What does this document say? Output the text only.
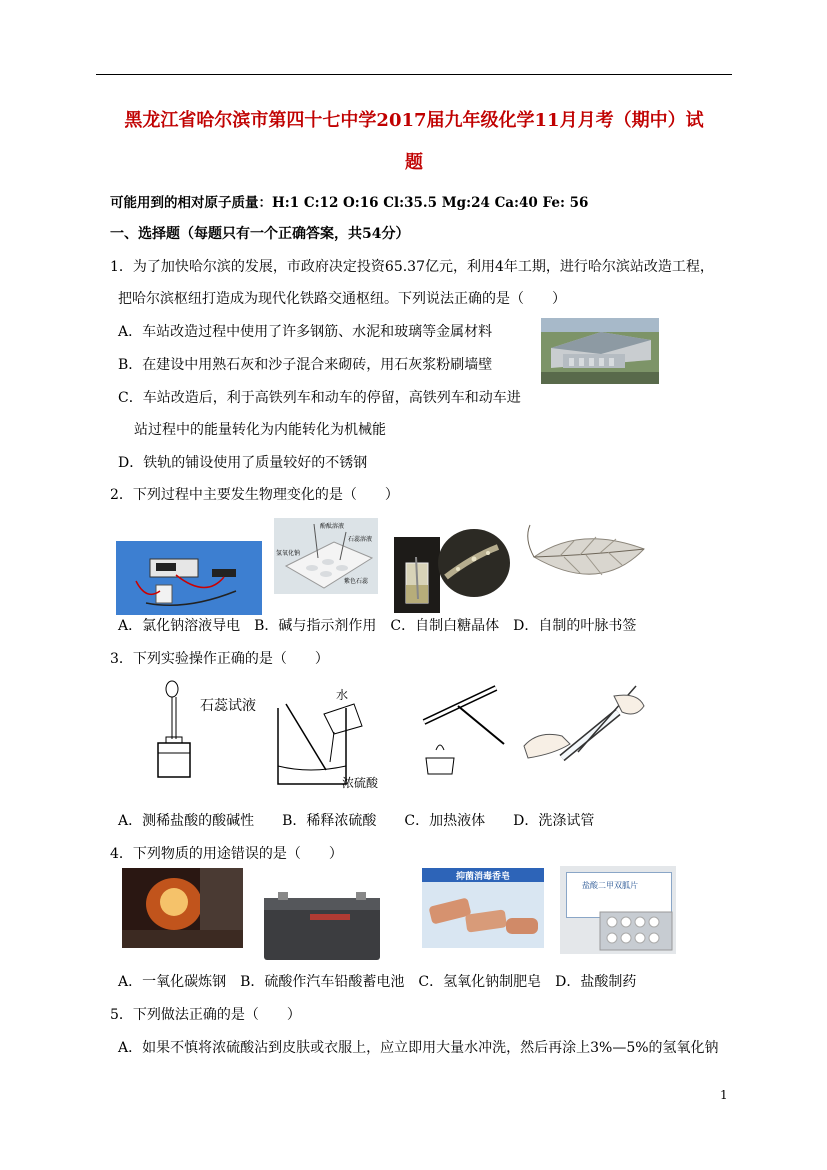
黑龙江省哈尔滨市第四十七中学2017届九年级化学11月月考（期中）试
题
可能用到的相对原子质量：H:1 C:12 O:16 Cl:35.5 Mg:24 Ca:40 Fe: 56
一、选择题（每题只有一个正确答案，共54分）
1．为了加快哈尔滨的发展，市政府决定投资65.37亿元，利用4年工期，进行哈尔滨站改造工程，
把哈尔滨枢纽打造成为现代化铁路交通枢纽。下列说法正确的是（　　）
A．车站改造过程中使用了许多钢筋、水泥和玻璃等金属材料
B．在建设中用熟石灰和沙子混合来砌砖，用石灰浆粉刷墙壁
C．车站改造后，利于高铁列车和动车的停留，高铁列车和动车进
站过程中的能量转化为内能转化为机械能
D．铁轨的铺设使用了质量较好的不锈钢
2．下列过程中主要发生物理变化的是（　　）
酚酞溶液
氢氧化钠
石蕊溶液
紫色石蕊
A．氯化钠溶液导电　B．碱与指示剂作用　C．自制白糖晶体　D．自制的叶脉书签
3．下列实验操作正确的是（　　）
石蕊试液
水
浓硫酸
A．测稀盐酸的酸碱性　　B．稀释浓硫酸　　C．加热液体　　D．洗涤试管
4．下列物质的用途错误的是（　　）
抑菌消毒香皂
盐酸二甲双胍片
A．一氧化碳炼钢　B．硫酸作汽车铅酸蓄电池　C．氢氧化钠制肥皂　D．盐酸制药
5．下列做法正确的是（　　）
A．如果不慎将浓硫酸沾到皮肤或衣服上，应立即用大量水冲洗，然后再涂上3%—5%的氢氧化钠
1
